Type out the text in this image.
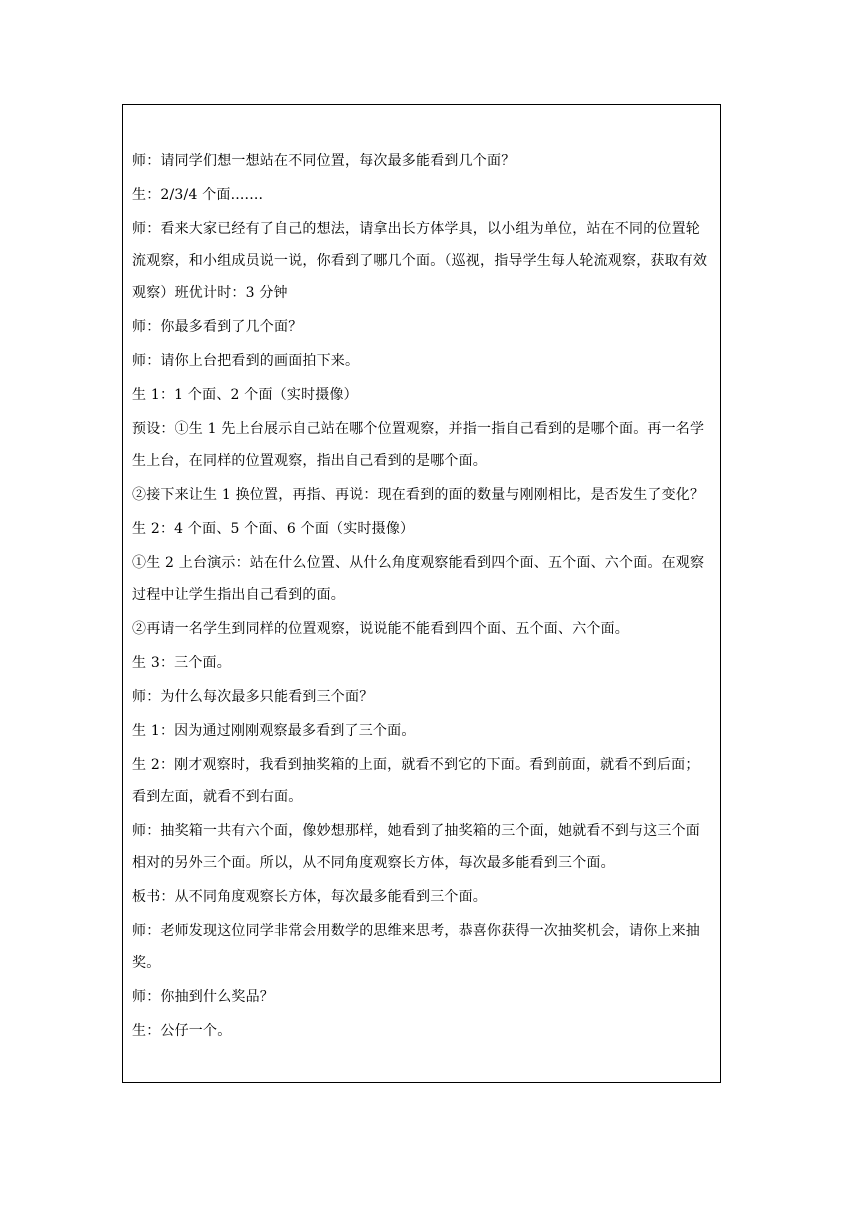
师：请同学们想一想站在不同位置，每次最多能看到几个面？

生：2/3/4 个面.......

师：看来大家已经有了自己的想法，请拿出长方体学具，以小组为单位，站在不同的位置轮流观察，和小组成员说一说，你看到了哪几个面。（巡视，指导学生每人轮流观察，获取有效观察）班优计时：3 分钟

师：你最多看到了几个面？

师：请你上台把看到的画面拍下来。

生 1：1 个面、2 个面（实时摄像）

预设：①生 1 先上台展示自己站在哪个位置观察，并指一指自己看到的是哪个面。再一名学生上台，在同样的位置观察，指出自己看到的是哪个面。

②接下来让生 1 换位置，再指、再说：现在看到的面的数量与刚刚相比，是否发生了变化？

生 2：4 个面、5 个面、6 个面（实时摄像）

①生 2 上台演示：站在什么位置、从什么角度观察能看到四个面、五个面、六个面。在观察过程中让学生指出自己看到的面。

②再请一名学生到同样的位置观察，说说能不能看到四个面、五个面、六个面。

生 3：三个面。

师：为什么每次最多只能看到三个面？

生 1：因为通过刚刚观察最多看到了三个面。

生 2：刚才观察时，我看到抽奖箱的上面，就看不到它的下面。看到前面，就看不到后面；看到左面，就看不到右面。

师：抽奖箱一共有六个面，像妙想那样，她看到了抽奖箱的三个面，她就看不到与这三个面相对的另外三个面。所以，从不同角度观察长方体，每次最多能看到三个面。

板书：从不同角度观察长方体，每次最多能看到三个面。

师：老师发现这位同学非常会用数学的思维来思考，恭喜你获得一次抽奖机会，请你上来抽奖。

师：你抽到什么奖品？

生：公仔一个。
